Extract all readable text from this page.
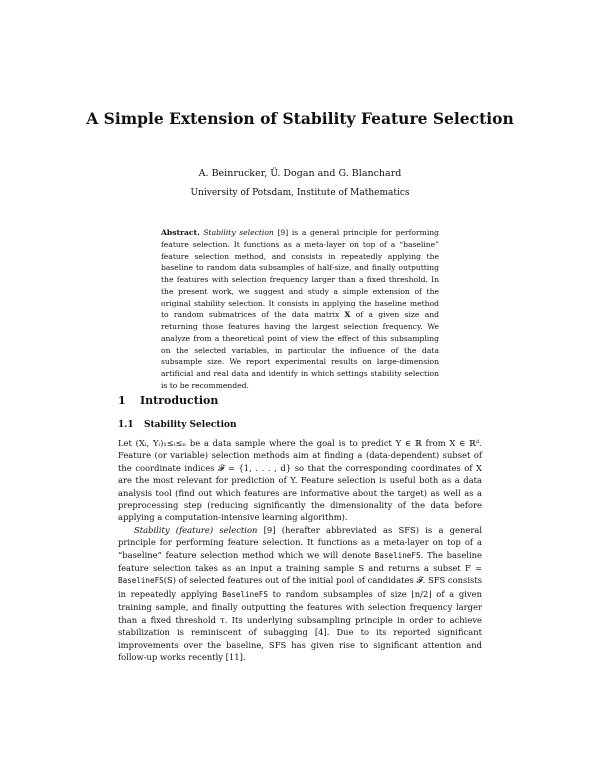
A Simple Extension of Stability Feature Selection
A. Beinrucker, Ü. Dogan and G. Blanchard
University of Potsdam, Institute of Mathematics
Abstract. Stability selection [9] is a general principle for performing feature selection. It functions as a meta-layer on top of a “baseline” feature selection method, and consists in repeatedly applying the baseline to random data subsamples of half-size, and finally outputting the features with selection frequency larger than a fixed threshold. In the present work, we suggest and study a simple extension of the original stability selection. It consists in applying the baseline method to random submatrices of the data matrix X of a given size and returning those features having the largest selection frequency. We analyze from a theoretical point of view the effect of this subsampling on the selected variables, in particular the influence of the data subsample size. We report experimental results on large-dimension artificial and real data and identify in which settings stability selection is to be recommended.
1 Introduction
1.1 Stability Selection

Let (Xᵢ, Yᵢ)₁≤ᵢ≤ₙ be a data sample where the goal is to predict Y ∈ ℝ from X ∈ ℝᵈ. Feature (or variable) selection methods aim at finding a (data-dependent) subset of the coordinate indices 𝓕 = {1, . . . , d} so that the corresponding coordinates of X are the most relevant for prediction of Y. Feature selection is useful both as a data analysis tool (find out which features are informative about the target) as well as a preprocessing step (reducing significantly the dimensionality of the data before applying a computation-intensive learning algorithm).

Stability (feature) selection [9] (herafter abbreviated as SFS) is a general principle for performing feature selection. It functions as a meta-layer on top of a “baseline” feature selection method which we will denote BaselineFS. The baseline feature selection takes as an input a training sample S and returns a subset F = BaselineFS(S) of selected features out of the initial pool of candidates 𝓕. SFS consists in repeatedly applying BaselineFS to random subsamples of size ⌊n/2⌋ of a given training sample, and finally outputting the features with selection frequency larger than a fixed threshold τ. Its underlying subsampling principle in order to achieve stabilization is reminiscent of subagging [4]. Due to its reported significant improvements over the baseline, SFS has given rise to significant attention and follow-up works recently [11].
